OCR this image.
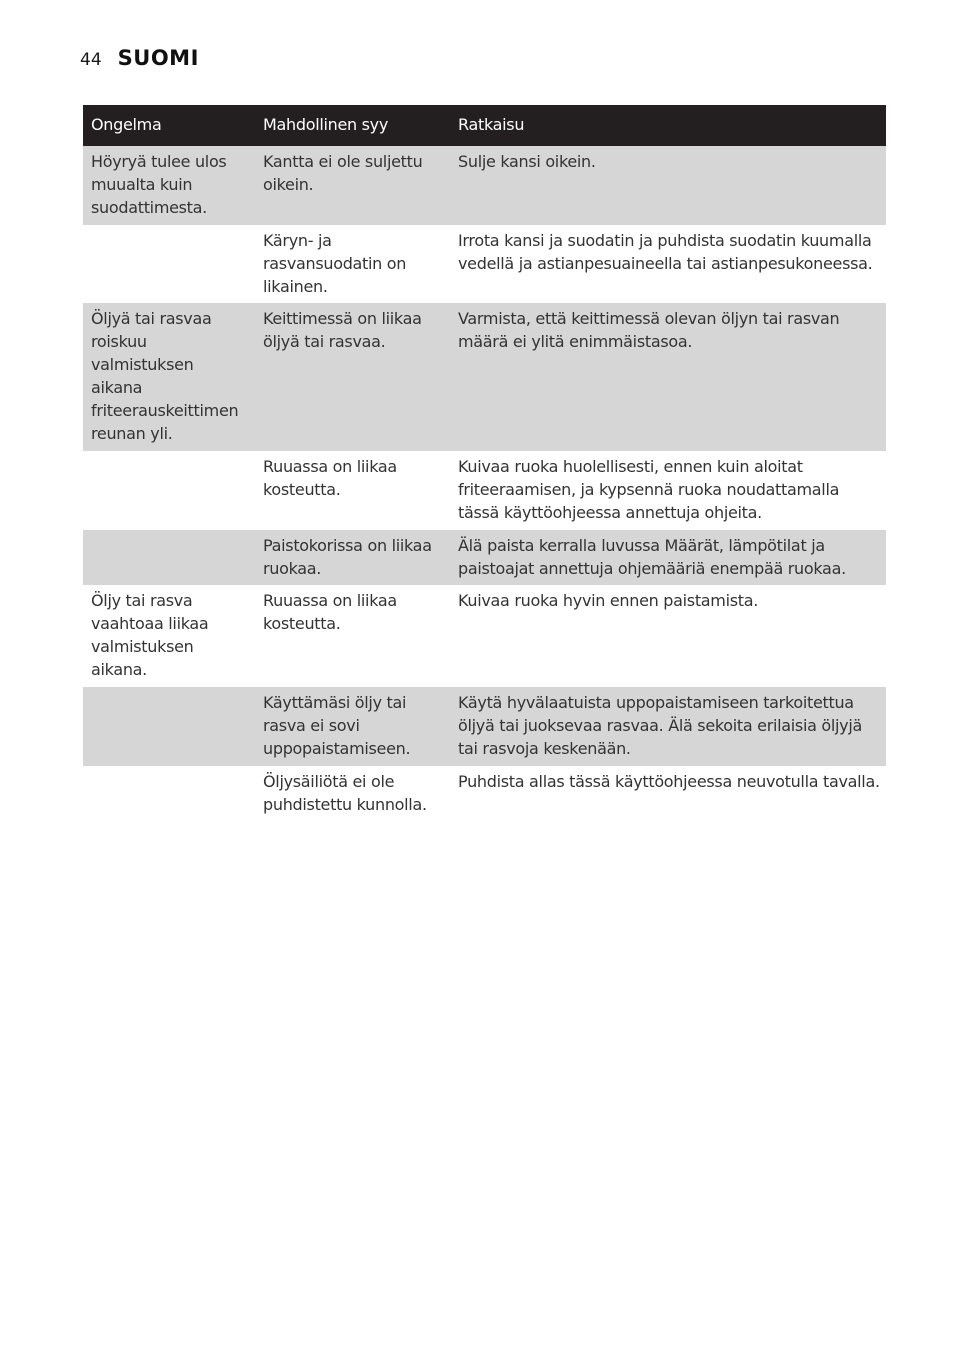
44 SUOMI
Ongelma	Mahdollinen syy	Ratkaisu
Höyryä tulee ulos muualta kuin suodattimesta.	Kantta ei ole suljettu oikein.	Sulje kansi oikein.
	Käryn- ja rasvansuodatin on likainen.	Irrota kansi ja suodatin ja puhdista suodatin kuumalla vedellä ja astianpesuaineella tai astianpesukoneessa.
Öljyä tai rasvaa roiskuu valmistuksen aikana friteerauskeittimen reunan yli.	Keittimessä on liikaa öljyä tai rasvaa.	Varmista, että keittimessä olevan öljyn tai rasvan määrä ei ylitä enimmäistasoa.
	Ruuassa on liikaa kosteutta.	Kuivaa ruoka huolellisesti, ennen kuin aloitat friteeraamisen, ja kypsennä ruoka noudattamalla tässä käyttöohjeessa annettuja ohjeita.
	Paistokorissa on liikaa ruokaa.	Älä paista kerralla luvussa Määrät, lämpötilat ja paistoajat annettuja ohjemääriä enempää ruokaa.
Öljy tai rasva vaahtoaa liikaa valmistuksen aikana.	Ruuassa on liikaa kosteutta.	Kuivaa ruoka hyvin ennen paistamista.
	Käyttämäsi öljy tai rasva ei sovi uppopaistamiseen.	Käytä hyvälaatuista uppopaistamiseen tarkoitettua öljyä tai juoksevaa rasvaa. Älä sekoita erilaisia öljyjä tai rasvoja keskenään.
	Öljysäiliötä ei ole puhdistettu kunnolla.	Puhdista allas tässä käyttöohjeessa neuvotulla tavalla.
